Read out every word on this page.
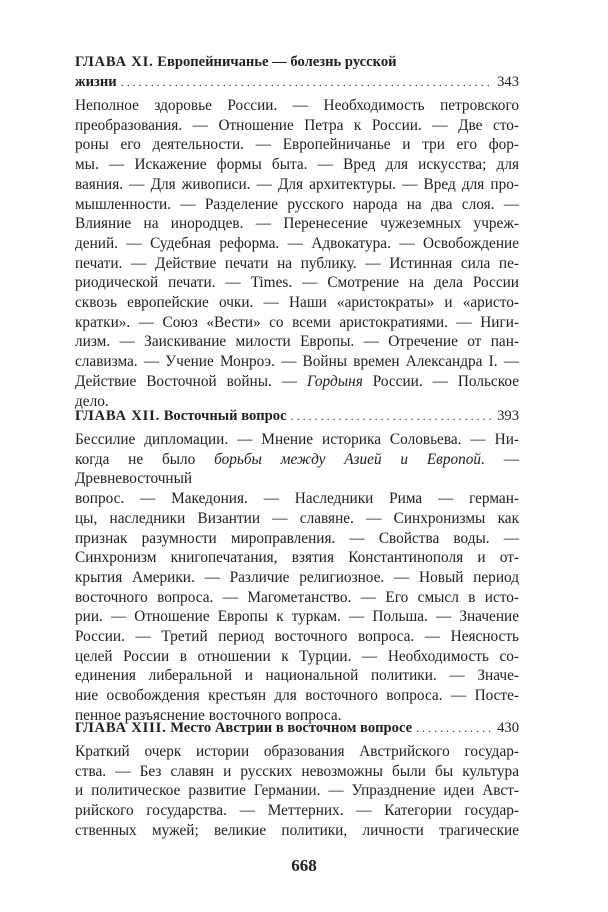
ГЛАВА XI. Европейничанье — болезнь русской
жизни . . .	343
Неполное здоровье России. — Необходимость петровского
преобразования. — Отношение Петра к России. — Две сто-
роны его деятельности. — Европейничанье и три его фор-
мы. — Искажение формы быта. — Вред для искусства; для
ваяния. — Для живописи. — Для архитектуры. — Вред для про-
мышленности. — Разделение русского народа на два слоя. —
Влияние на инородцев. — Перенесение чужеземных учреж-
дений. — Судебная реформа. — Адвокатура. — Освобождение
печати. — Действие печати на публику. — Истинная сила пе-
риодической печати. — Times. — Смотрение на дела России
сквозь европейские очки. — Наши «аристократы» и «аристо-
кратки». — Союз «Вести» со всеми аристократиями. — Ниги-
лизм. — Заискивание милости Европы. — Отречение от пан-
славизма. — Учение Монроэ. — Войны времен Александра I. —
Действие Восточной войны. — Гордыня России. — Польское
дело.
ГЛАВА XII.
Восточный вопрос . . .	393
Бессилие дипломации. — Мнение историка Соловьева. — Ни-
когда не было борьбы между Азией и Европой. — Древневосточный
вопрос. — Македония. — Наследники Рима — герман-
цы, наследники Византии — славяне. — Синхронизмы как
признак разумности мироправления. — Свойства воды. —
Синхронизм книгопечатания, взятия Константинополя и от-
крытия Америки. — Различие религиозное. — Новый период
восточного вопроса. — Магометанство. — Его смысл в исто-
рии. — Отношение Европы к туркам. — Польша. — Значение
России. — Третий период восточного вопроса. — Неясность
целей России в отношении к Турции. — Необходимость со-
единения либеральной и национальной политики. — Значе-
ние освобождения крестьян для восточного вопроса. — Посте-
пенное разъяснение восточного вопроса.
ГЛАВА XIII.
Место Австрии в восточном вопросе . . .	430
Краткий очерк истории образования Австрийского государ-
ства. — Без славян и русских невозможны были бы культура
и политическое развитие Германии. — Упразднение идеи Авст-
рийского государства. — Меттерних. — Категории государ-
ственных мужей; великие политики, личности трагические
668
